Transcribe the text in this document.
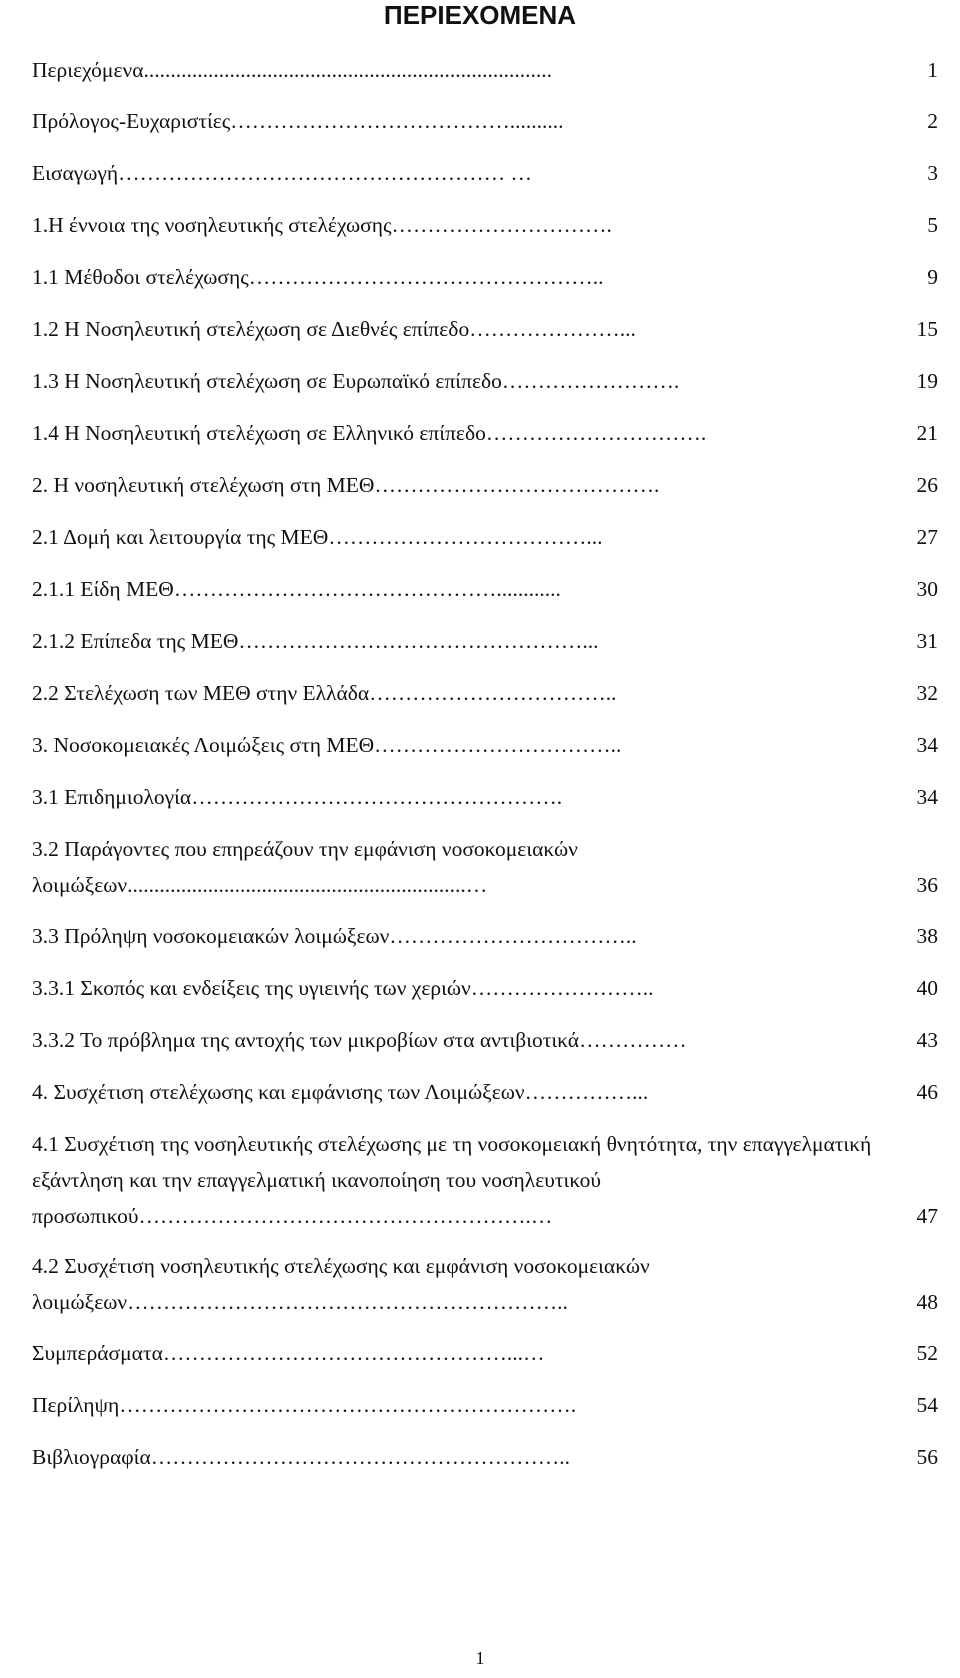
ΠΕΡΙΕΧΟΜΕΝΑ
Περιεχόμενα............................................................................	1
Πρόλογος-Ευχαριστίες…………………………………..........	2
Εισαγωγή……………………………………………… …	3
1.Η έννοια της νοσηλευτικής στελέχωσης………………………….	5
1.1 Μέθοδοι στελέχωσης…………………………………………..	9
1.2 Η Νοσηλευτική στελέχωση σε Διεθνές επίπεδο…………………...	15
1.3 Η Νοσηλευτική στελέχωση σε Ευρωπαϊκό επίπεδο…………………….	19
1.4 Η Νοσηλευτική στελέχωση σε Ελληνικό επίπεδο………………………….	21
2. Η νοσηλευτική στελέχωση στη ΜΕΘ………………………………….	26
2.1 Δομή και λειτουργία της ΜΕΘ………………………………...	27
2.1.1 Είδη ΜΕΘ………………………………………............	30
2.1.2 Επίπεδα της ΜΕΘ…………………………………………...	31
2.2 Στελέχωση των ΜΕΘ στην Ελλάδα……………………………..	32
3. Νοσοκομειακές Λοιμώξεις στη ΜΕΘ……………………………..	34
3.1 Επιδημιολογία…………………………………………….	34
3.2 Παράγοντες που επηρεάζουν την εμφάνιση νοσοκομειακών λοιμώξεων...............................................................…	36
3.3 Πρόληψη νοσοκομειακών λοιμώξεων……………………………..	38
3.3.1 Σκοπός και ενδείξεις της υγιεινής των χεριών……………………..	40
3.3.2 Το πρόβλημα της αντοχής των μικροβίων στα αντιβιοτικά……………	43
4. Συσχέτιση στελέχωσης και εμφάνισης των Λοιμώξεων……………...	46
4.1 Συσχέτιση της νοσηλευτικής στελέχωσης με τη νοσοκομειακή θνητότητα, την επαγγελματική εξάντληση και την επαγγελματική ικανοποίηση του νοσηλευτικού προσωπικού……………………………………………….…	47
4.2 Συσχέτιση νοσηλευτικής στελέχωσης και εμφάνιση νοσοκομειακών λοιμώξεων……………………………………………………..	48
Συμπεράσματα…………………………………………...…	52
Περίληψη……………………………………………………….	54
Βιβλιογραφία…………………………………………………..	56
1
